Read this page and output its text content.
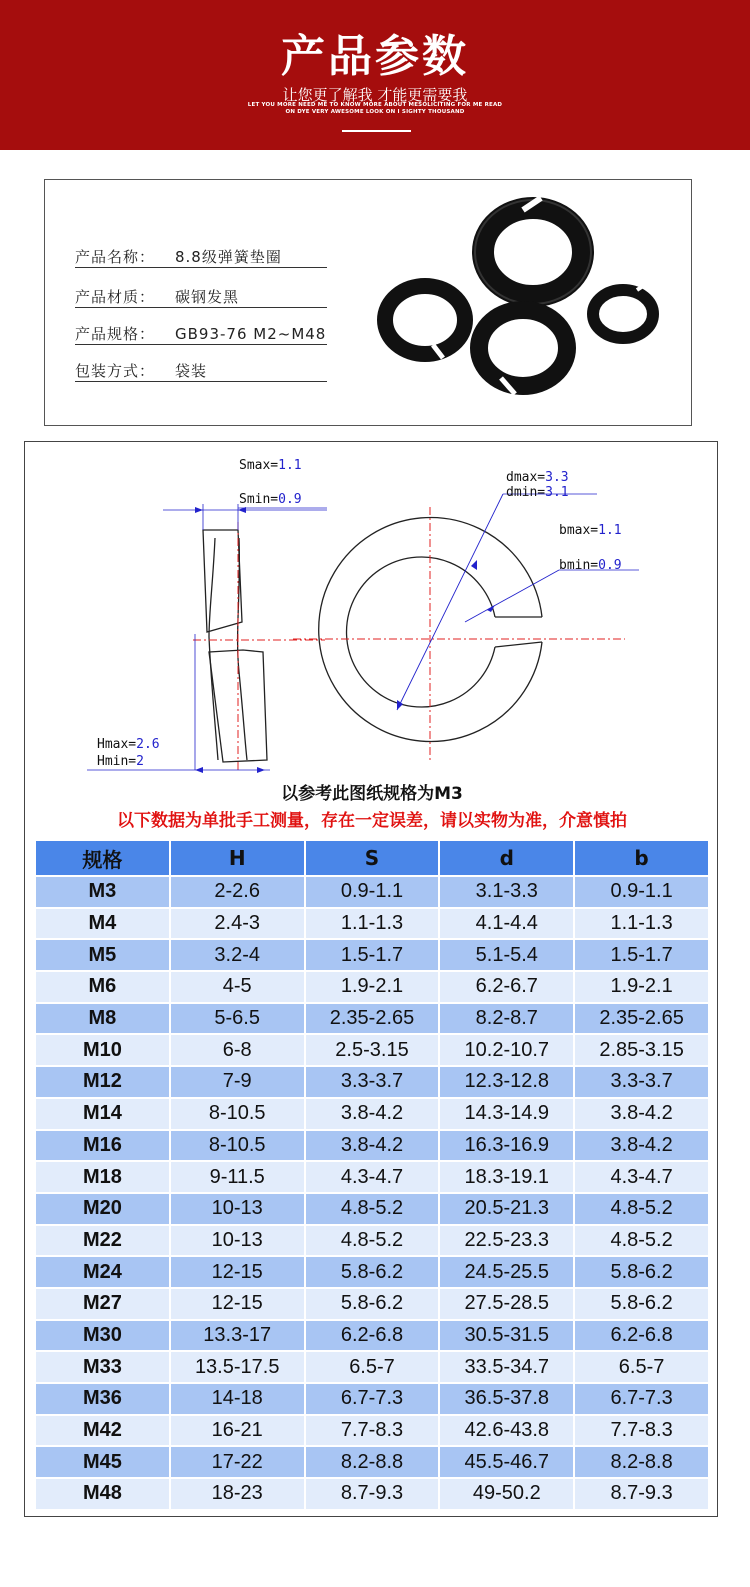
产品参数
让您更了解我 才能更需要我
LET YOU MORE NEED ME TO KNOW MORE ABOUT MESOLICITING FOR ME READ
ON DYE VERY AWESOME LOOK ON I SIGHTY THOUSAND
产品名称： 8.8级弹簧垫圈
产品材质： 碳钢发黑
产品规格： GB93-76 M2~M48
包装方式： 袋装
Smax=1.1
Smin=0.9
dmax=3.3
dmin=3.1
bmax=1.1
bmin=0.9
Hmax=2.6
Hmin=2
以参考此图纸规格为M3
以下数据为单批手工测量，存在一定误差，请以实物为准，介意慎拍
规格	H	S	d	b
M3	2-2.6	0.9-1.1	3.1-3.3	0.9-1.1
M4	2.4-3	1.1-1.3	4.1-4.4	1.1-1.3
M5	3.2-4	1.5-1.7	5.1-5.4	1.5-1.7
M6	4-5	1.9-2.1	6.2-6.7	1.9-2.1
M8	5-6.5	2.35-2.65	8.2-8.7	2.35-2.65
M10	6-8	2.5-3.15	10.2-10.7	2.85-3.15
M12	7-9	3.3-3.7	12.3-12.8	3.3-3.7
M14	8-10.5	3.8-4.2	14.3-14.9	3.8-4.2
M16	8-10.5	3.8-4.2	16.3-16.9	3.8-4.2
M18	9-11.5	4.3-4.7	18.3-19.1	4.3-4.7
M20	10-13	4.8-5.2	20.5-21.3	4.8-5.2
M22	10-13	4.8-5.2	22.5-23.3	4.8-5.2
M24	12-15	5.8-6.2	24.5-25.5	5.8-6.2
M27	12-15	5.8-6.2	27.5-28.5	5.8-6.2
M30	13.3-17	6.2-6.8	30.5-31.5	6.2-6.8
M33	13.5-17.5	6.5-7	33.5-34.7	6.5-7
M36	14-18	6.7-7.3	36.5-37.8	6.7-7.3
M42	16-21	7.7-8.3	42.6-43.8	7.7-8.3
M45	17-22	8.2-8.8	45.5-46.7	8.2-8.8
M48	18-23	8.7-9.3	49-50.2	8.7-9.3
